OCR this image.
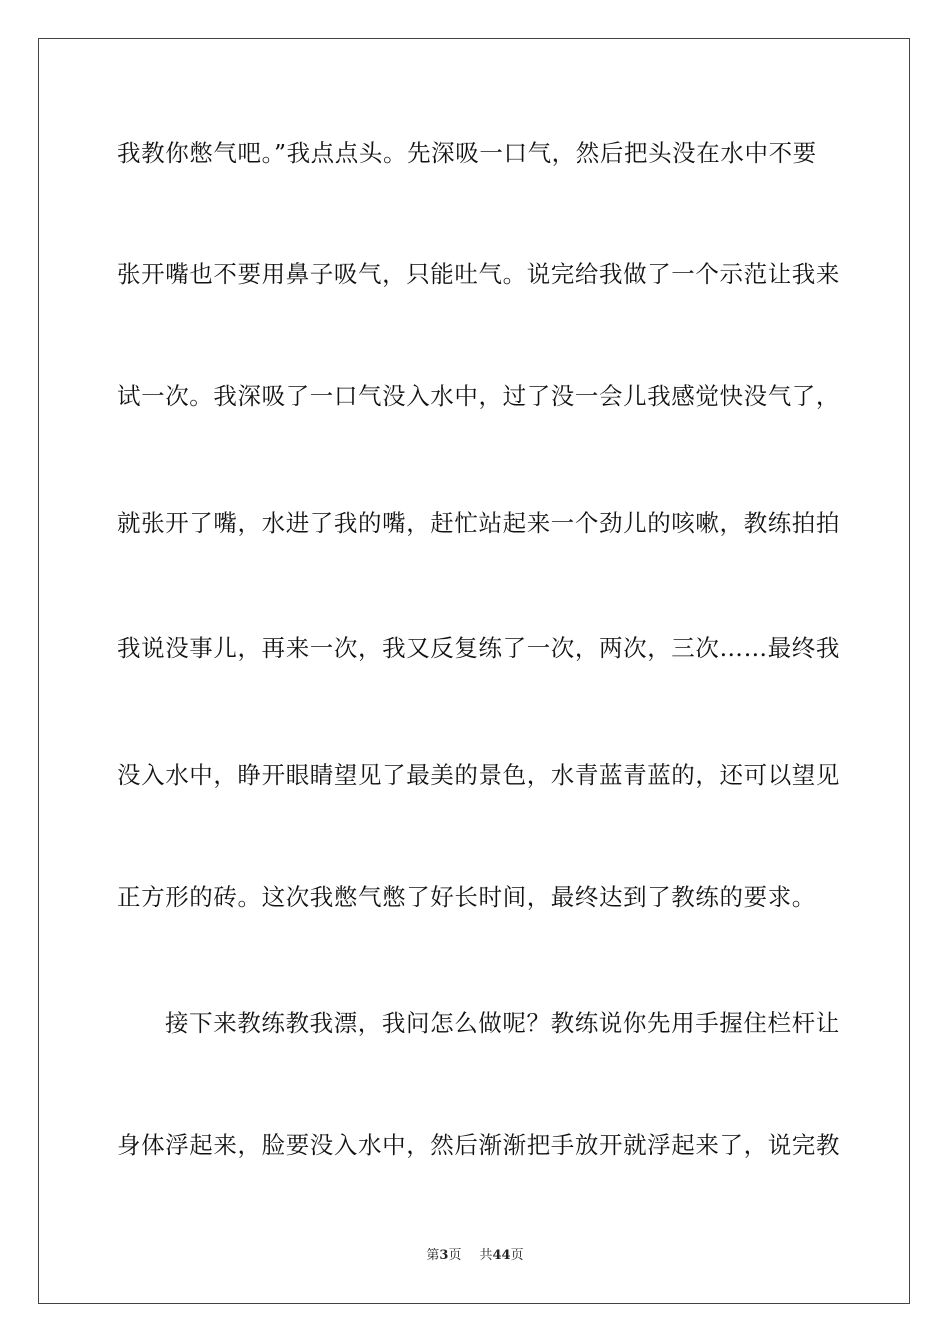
我教你憋气吧。”我点点头。先深吸一口气，然后把头没在水中不要
张开嘴也不要用鼻子吸气，只能吐气。说完给我做了一个示范让我来
试一次。我深吸了一口气没入水中，过了没一会儿我感觉快没气了，
就张开了嘴，水进了我的嘴，赶忙站起来一个劲儿的咳嗽，教练拍拍
我说没事儿，再来一次，我又反复练了一次，两次，三次……最终我
没入水中，睁开眼睛望见了最美的景色，水青蓝青蓝的，还可以望见
正方形的砖。这次我憋气憋了好长时间，最终达到了教练的要求。
接下来教练教我漂，我问怎么做呢？教练说你先用手握住栏杆让
身体浮起来，脸要没入水中，然后渐渐把手放开就浮起来了，说完教
第3页 共44页
